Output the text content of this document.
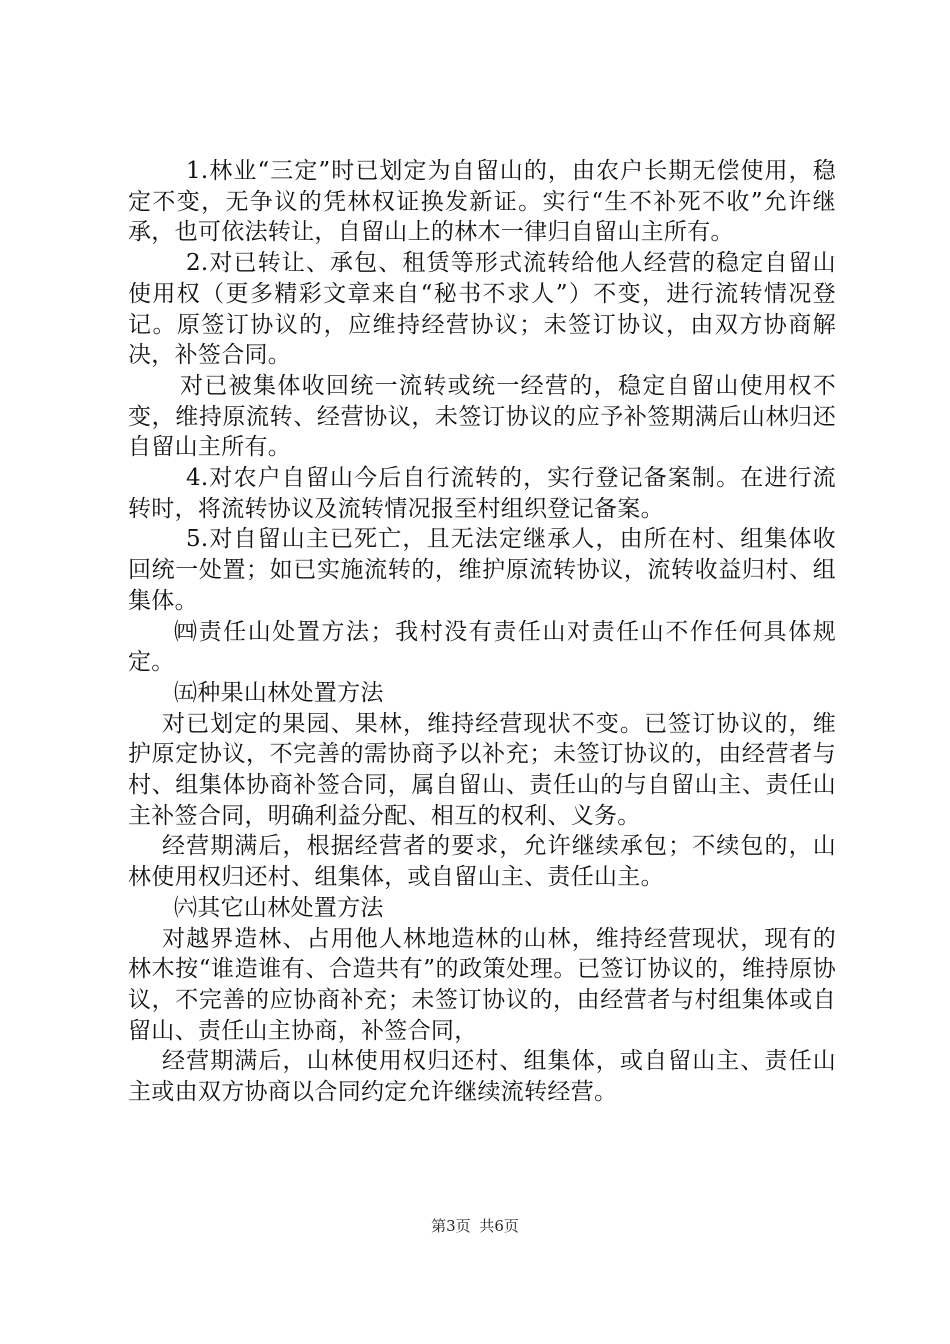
1.林业“三定”时已划定为自留山的，由农户长期无偿使用，稳定不变，无争议的凭林权证换发新证。实行“生不补死不收”允许继承，也可依法转让，自留山上的林木一律归自留山主所有。

2.对已转让、承包、租赁等形式流转给他人经营的稳定自留山使用权（更多精彩文章来自“秘书不求人”）不变，进行流转情况登记。原签订协议的，应维持经营协议；未签订协议，由双方协商解决，补签合同。

对已被集体收回统一流转或统一经营的，稳定自留山使用权不变，维持原流转、经营协议，未签订协议的应予补签期满后山林归还自留山主所有。

4.对农户自留山今后自行流转的，实行登记备案制。在进行流转时，将流转协议及流转情况报至村组织登记备案。

5.对自留山主已死亡，且无法定继承人，由所在村、组集体收回统一处置；如已实施流转的，维护原流转协议，流转收益归村、组集体。

㈣责任山处置方法；我村没有责任山对责任山不作任何具体规定。

㈤种果山林处置方法

对已划定的果园、果林，维持经营现状不变。已签订协议的，维护原定协议，不完善的需协商予以补充；未签订协议的，由经营者与村、组集体协商补签合同，属自留山、责任山的与自留山主、责任山主补签合同，明确利益分配、相互的权利、义务。

经营期满后，根据经营者的要求，允许继续承包；不续包的，山林使用权归还村、组集体，或自留山主、责任山主。

㈥其它山林处置方法

对越界造林、占用他人林地造林的山林，维持经营现状，现有的林木按“谁造谁有、合造共有”的政策处理。已签订协议的，维持原协议，不完善的应协商补充；未签订协议的，由经营者与村组集体或自留山、责任山主协商，补签合同，

经营期满后，山林使用权归还村、组集体，或自留山主、责任山主或由双方协商以合同约定允许继续流转经营。

第3页 共6页
